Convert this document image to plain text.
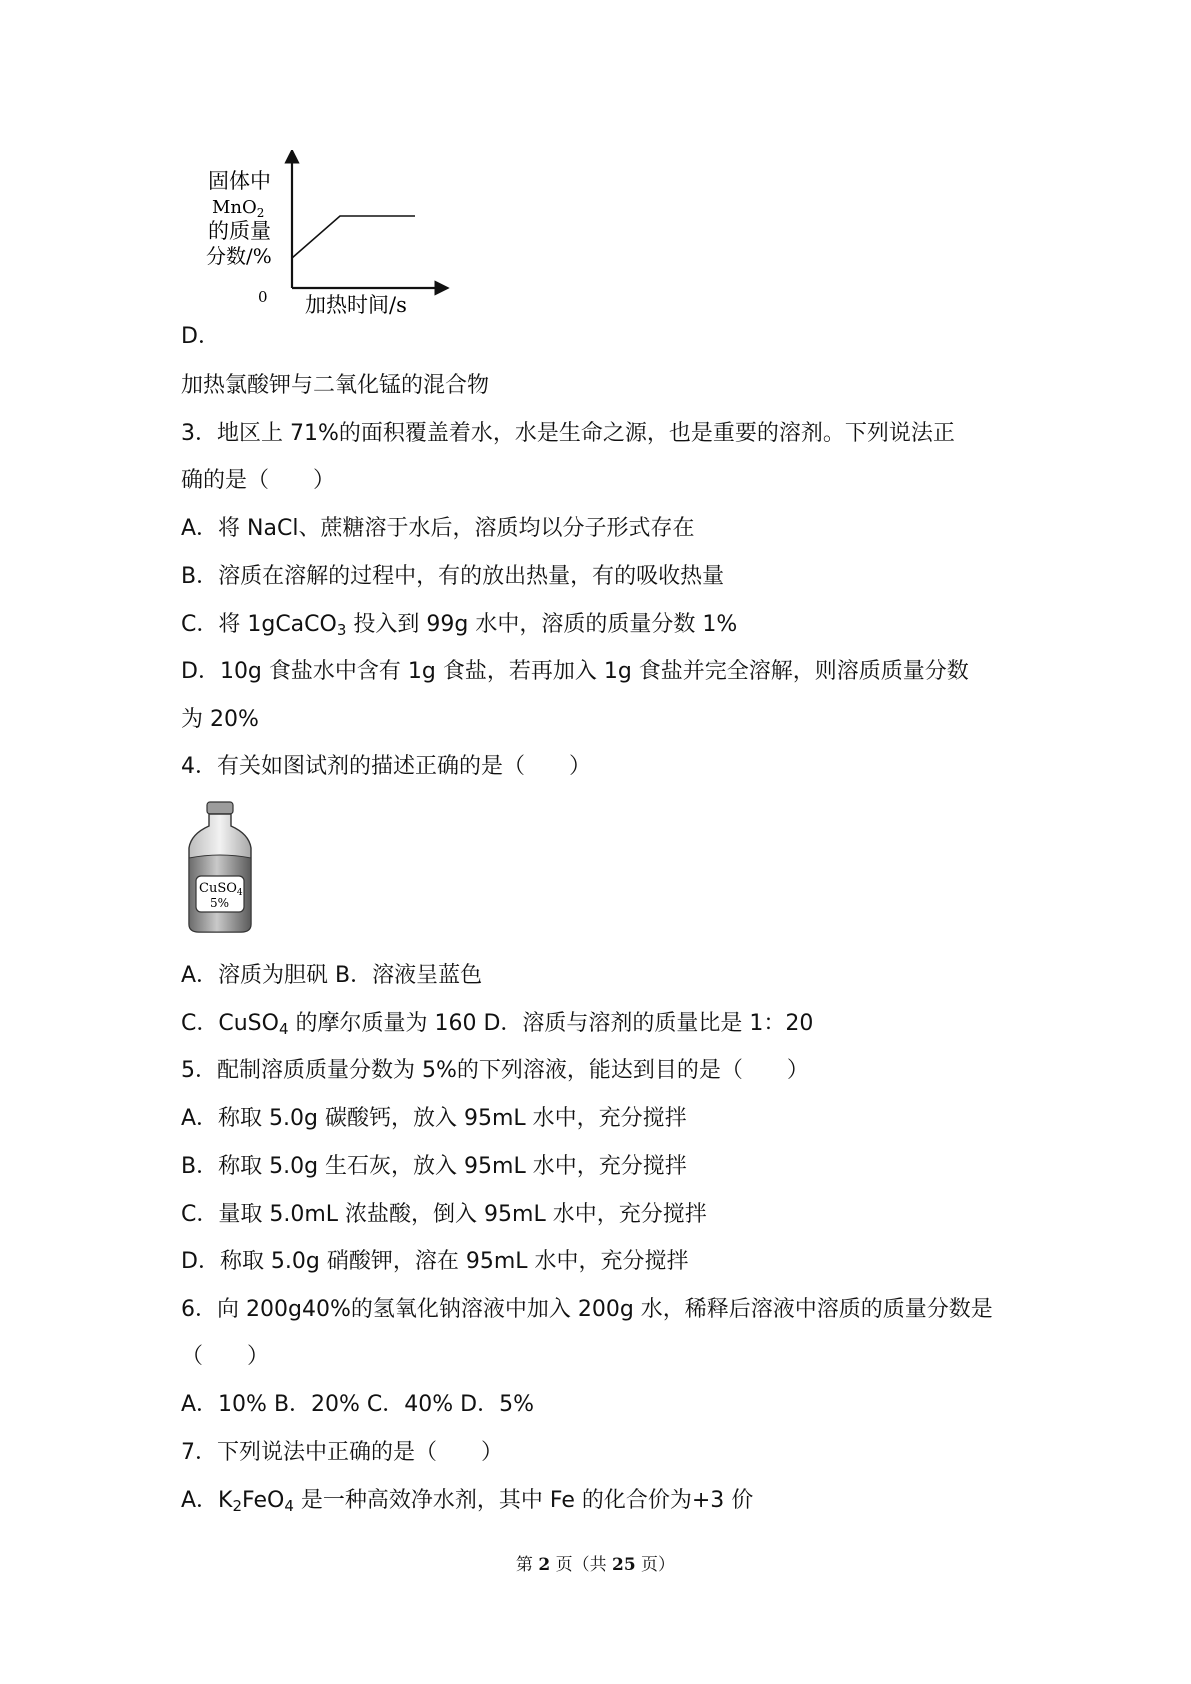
固体中
MnO$_2$
的质量
分数/%
0 加热时间/s
D．
加热氯酸钾与二氧化锰的混合物
3．地区上 71%的面积覆盖着水，水是生命之源，也是重要的溶剂。下列说法正
确的是（　　）
A．将 NaCl、蔗糖溶于水后，溶质均以分子形式存在
B．溶质在溶解的过程中，有的放出热量，有的吸收热量
C．将 1gCaCO$_3$ 投入到 99g 水中，溶质的质量分数 1%
D．10g 食盐水中含有 1g 食盐，若再加入 1g 食盐并完全溶解，则溶质质量分数
为 20%
4．有关如图试剂的描述正确的是（　　）
CuSO$_4$
5%
A．溶质为胆矾 B．溶液呈蓝色
C．CuSO$_4$ 的摩尔质量为 160 D．溶质与溶剂的质量比是 1：20
5．配制溶质质量分数为 5%的下列溶液，能达到目的是（　　）
A．称取 5.0g 碳酸钙，放入 95mL 水中，充分搅拌
B．称取 5.0g 生石灰，放入 95mL 水中，充分搅拌
C．量取 5.0mL 浓盐酸，倒入 95mL 水中，充分搅拌
D．称取 5.0g 硝酸钾，溶在 95mL 水中，充分搅拌
6．向 200g40%的氢氧化钠溶液中加入 200g 水，稀释后溶液中溶质的质量分数是
（　　）
A．10% B．20% C．40% D．5%
7．下列说法中正确的是（　　）
A．$K_2FeO_4$ 是一种高效净水剂，其中 Fe 的化合价为+3 价
第 2 页（共 25 页）
